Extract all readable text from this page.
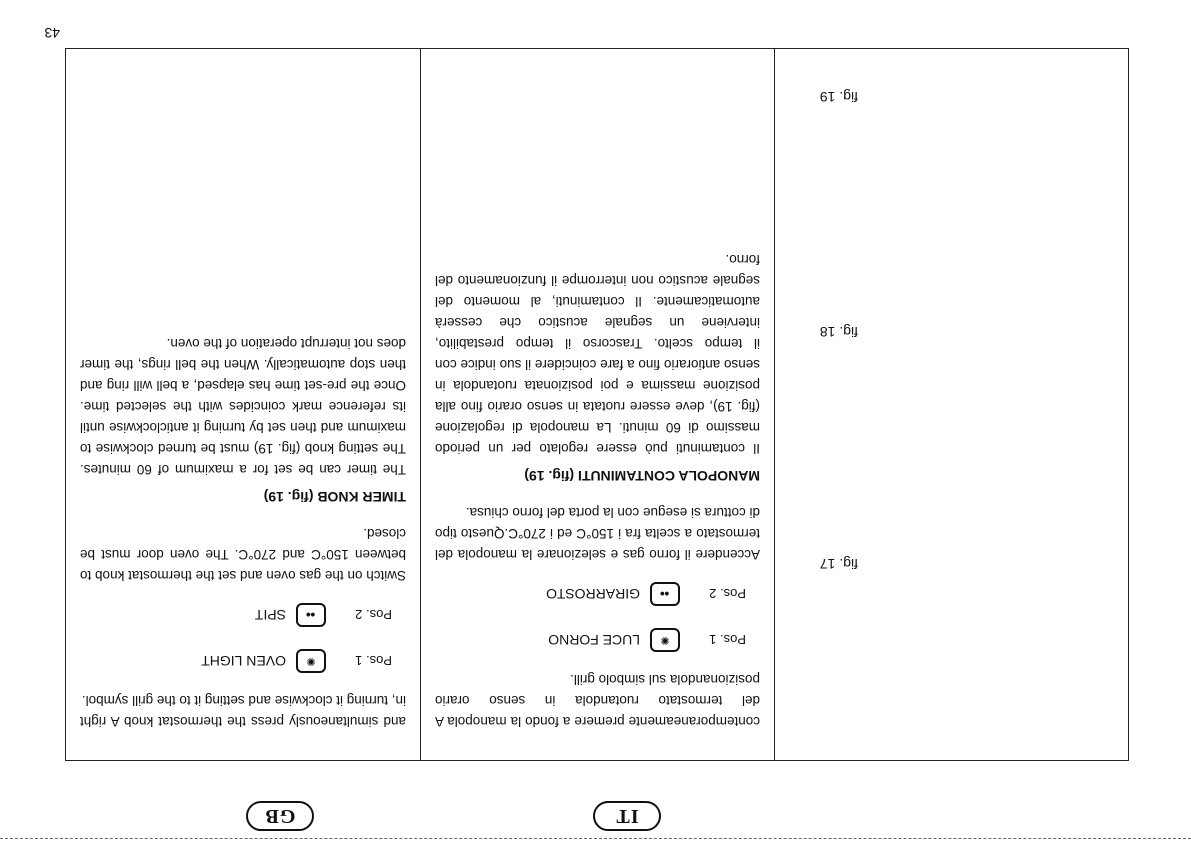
IT
GB
fig. 17
fig. 18
fig. 19

contemporaneamente premere a fondo la manopola A del termostato ruotandola in senso orario posizionandola sul simbolo grill.

Pos. 1
✺
LUCE FORNO
Pos. 2
●●
GIRARROSTO

Accendere il forno gas e selezionare la manopola del termostato a scelta fra i 150°C ed i 270°C.Questo tipo di cottura si esegue con la porta del forno chiusa.

MANOPOLA CONTAMINUTI (fig. 19)

Il contaminuti può essere regolato per un periodo massimo di 60 minuti. La manopola di regolazione (fig. 19), deve essere ruotata in senso orario fino alla posizione massima e poi posizionata ruotandola in senso antiorario fino a fare coincidere il suo indice con il tempo scelto. Trascorso il tempo prestabilito, interviene un segnale acustico che cesserà automaticamente. Il contaminuti, al momento del segnale acustico non interrompe il funzionamento del forno.

and simultaneously press the thermostat knob A right in, turning it clockwise and setting it to the grill symbol.

Pos. 1
✺
OVEN LIGHT
Pos. 2
●●
SPIT

Switch on the gas oven and set the thermostat knob to between 150°C and 270°C. The oven door must be closed.

TIMER KNOB (fig. 19)

The timer can be set for a maximum of 60 minutes. The setting knob (fig. 19) must be turned clockwise to maximum and then set by turning it anticlockwise until its reference mark coincides with the selected time. Once the pre-set time has elapsed, a bell will ring and then stop automatically. When the bell rings, the timer does not interrupt operation of the oven.

43
